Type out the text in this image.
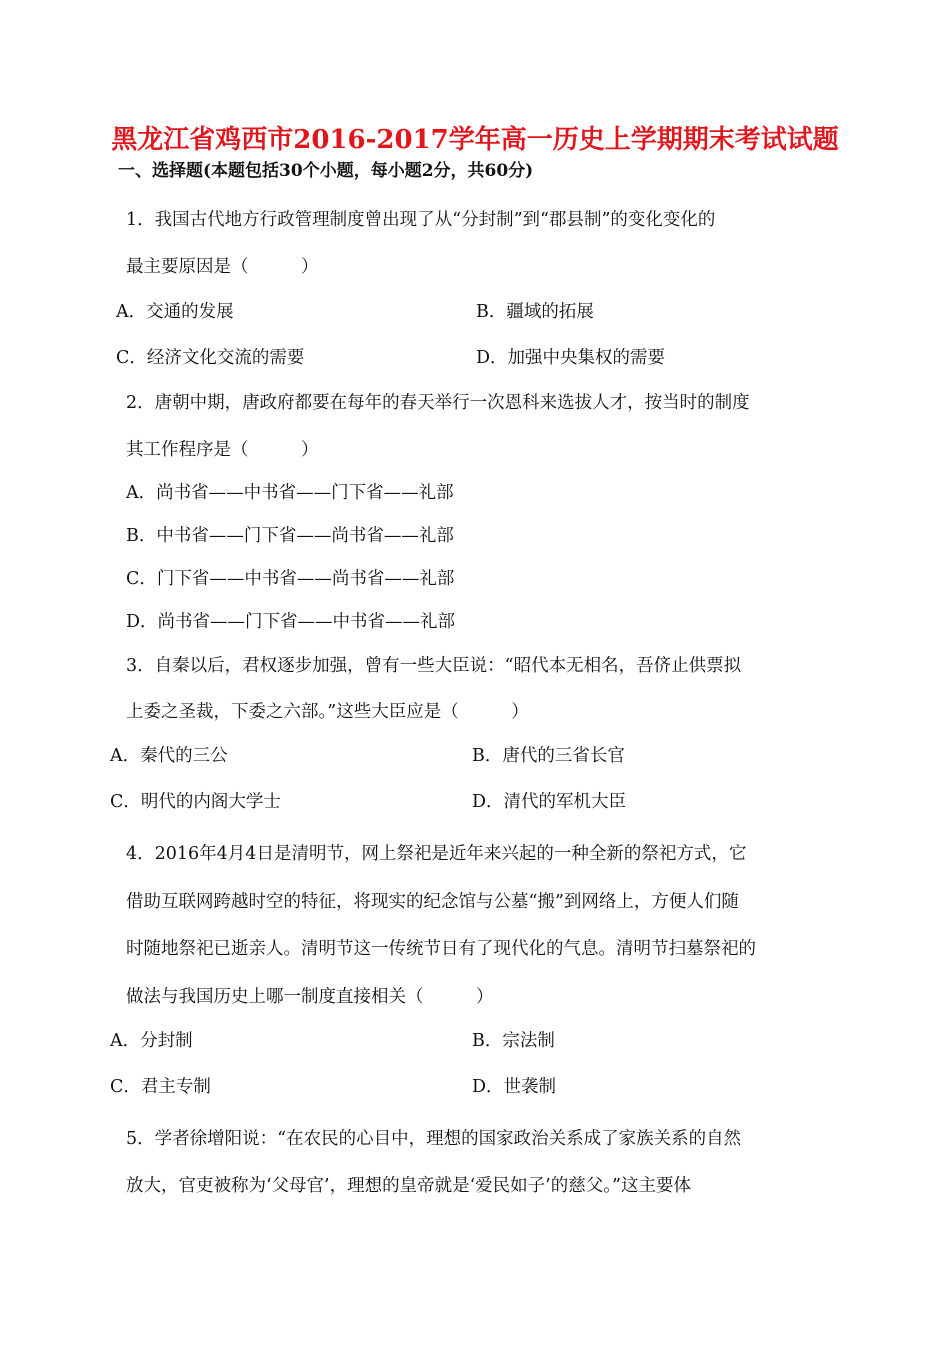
黑龙江省鸡西市2016-2017学年高一历史上学期期末考试试题
一、选择题(本题包括30个小题，每小题2分，共60分)
1．我国古代地方行政管理制度曾出现了从“分封制”到“郡县制”的变化变化的
最主要原因是（　　　）
A．交通的发展	B．疆域的拓展
C．经济文化交流的需要	D．加强中央集权的需要
2．唐朝中期，唐政府都要在每年的春天举行一次恩科来选拔人才，按当时的制度
其工作程序是（　　　）
A．尚书省——中书省——门下省——礼部
B．中书省——门下省——尚书省——礼部
C．门下省——中书省——尚书省——礼部
D．尚书省——门下省——中书省——礼部
3．自秦以后，君权逐步加强，曾有一些大臣说：“昭代本无相名，吾侪止供票拟
上委之圣裁，下委之六部。”这些大臣应是（　　　）
A．秦代的三公	B．唐代的三省长官
C．明代的内阁大学士	D．清代的军机大臣
4．2016年4月4日是清明节，网上祭祀是近年来兴起的一种全新的祭祀方式，它
借助互联网跨越时空的特征，将现实的纪念馆与公墓“搬”到网络上，方便人们随
时随地祭祀已逝亲人。清明节这一传统节日有了现代化的气息。清明节扫墓祭祀的
做法与我国历史上哪一制度直接相关（　　　）
A．分封制	B．宗法制
C．君主专制	D．世袭制
5．学者徐增阳说：“在农民的心目中，理想的国家政治关系成了家族关系的自然
放大，官吏被称为‘父母官’，理想的皇帝就是‘爱民如子’的慈父。”这主要体
